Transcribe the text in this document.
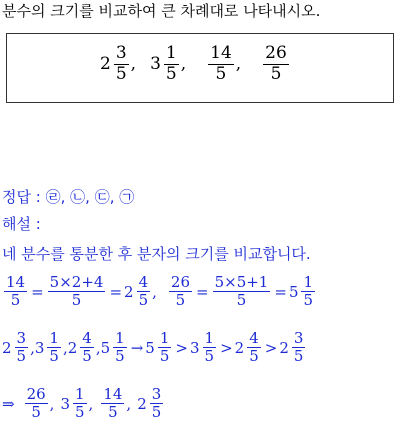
분수의 크기를 비교하여 큰 차례대로 나타내시오.
$2 \frac{3}{5}$ , $3 \frac{1}{5}$ , $\frac{14}{5}$ , $\frac{26}{5}$
정답 :
㉣ , ㉡ , ㉢ , ㉠
해설 :
네 분수를 통분한 후 분자의 크기를 비교합니다.
$\frac{14}{5} = \frac{5\times 2+4}{5} = 2 \frac{4}{5}$ , $\frac{26}{5} = \frac{5\times 5+1}{5} = 5 \frac{1}{5}$
$2 \frac{3}{5}$ , $3 \frac{1}{5}$ , $2 \frac{4}{5}$ , $5 \frac{1}{5} \to 5 \frac{1}{5} > 3 \frac{1}{5} > 2 \frac{4}{5} > 2 \frac{3}{5}$
⇒ $\frac{26}{5}$ , $3 \frac{1}{5}$ , $\frac{14}{5}$ , $2 \frac{3}{5}$
